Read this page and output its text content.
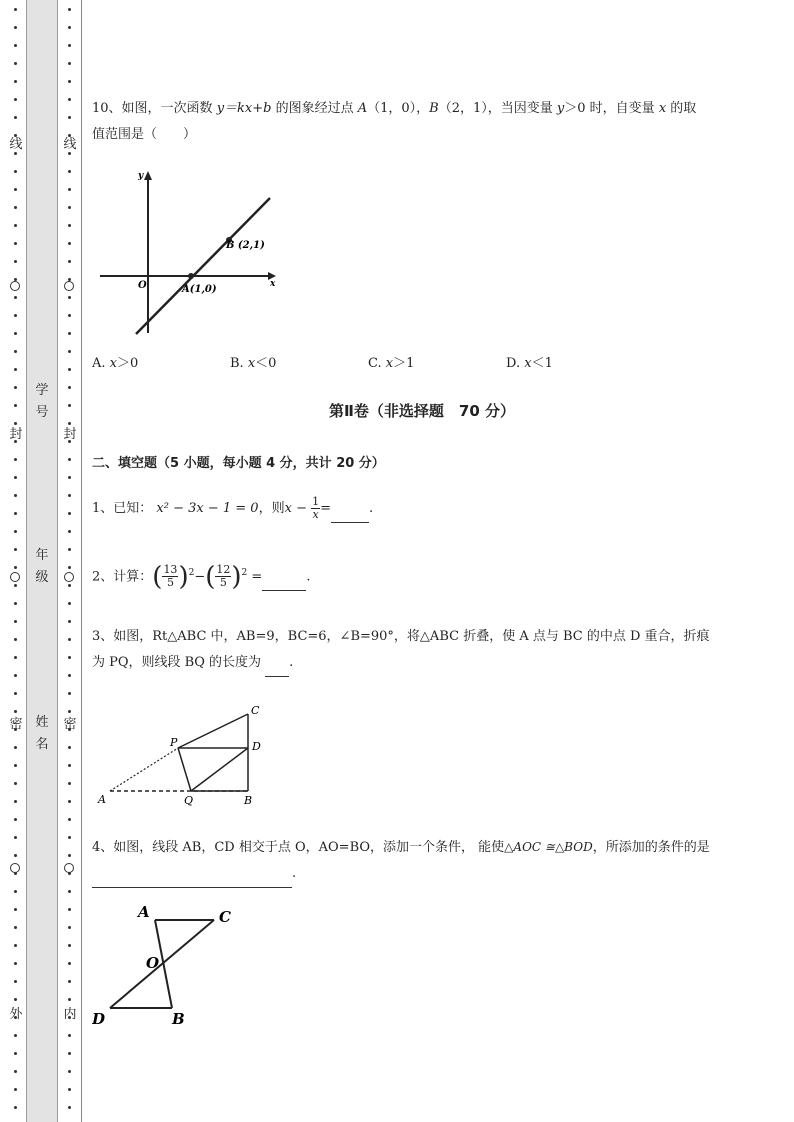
线
封
密
外
线
封
密
内
学号
年级
姓名
10、如图，一次函数 y＝kx+b 的图象经过点 A（1，0），B（2，1），当因变量 y＞0 时，自变量 x 的取
值范围是（　　）
y
x
O	A(1,0)
B (2,1)
A. x＞0	B. x＜0	C. x＞1	D. x＜1
第Ⅱ卷（非选择题　70 分）
二、填空题（5 小题，每小题 4 分，共计 20 分）
1、已知： x² − 3x − 1 = 0，则$x - \frac{1}{x}$ =	.
2、计算：( $\frac{13}{5} )^2-( \frac{12}{5} )^2$ =	.
3、如图，Rt△ABC 中，AB=9，BC=6，∠B=90°，将△ABC 折叠，使 A 点与 BC 的中点 D 重合，折痕
为 PQ，则线段 BQ 的长度为  .
A	Q	B
D
C
P
4、如图，线段 AB，CD 相交于点 O，AO=BO，添加一个条件， 能使△AOC ≅△BOD，所添加的条件的是
.
A	C
O
D	B
